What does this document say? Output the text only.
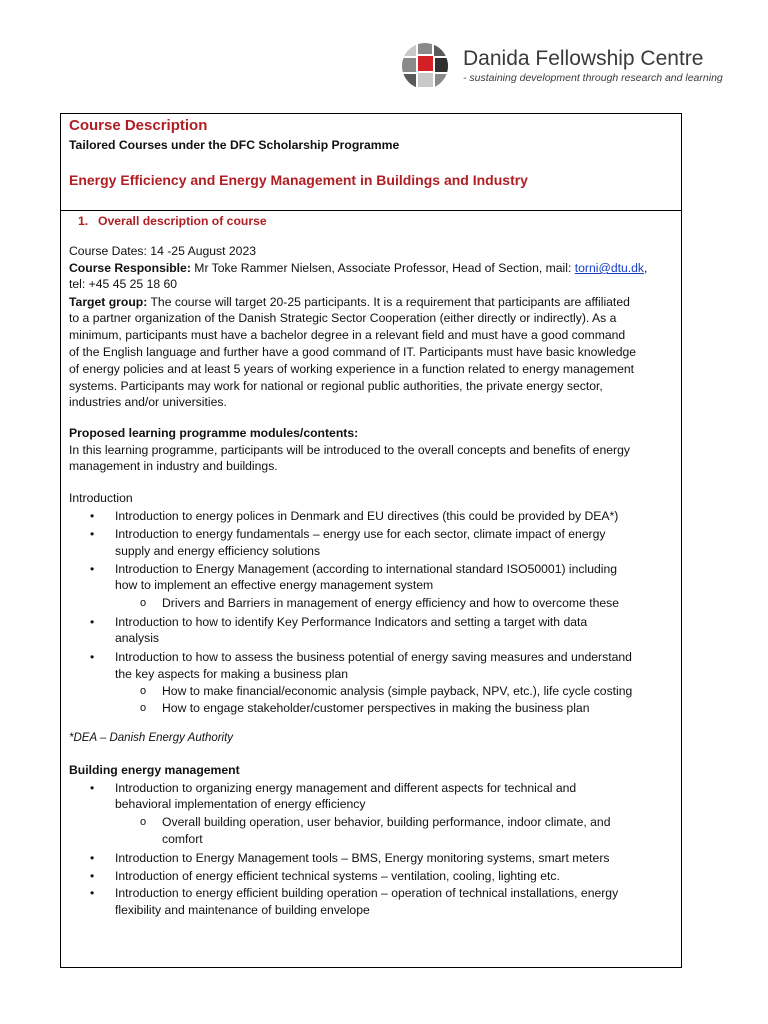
Danida Fellowship Centre
- sustaining development through research and learning
Course Description
Tailored Courses under the DFC Scholarship Programme
Energy Efficiency and Energy Management in Buildings and Industry
1. Overall description of course
Course Dates: 14 -25 August 2023
Course Responsible: Mr Toke Rammer Nielsen, Associate Professor, Head of Section, mail: torni@dtu.dk,
tel: +45 45 25 18 60
Target group: The course will target 20-25 participants. It is a requirement that participants are affiliated
to a partner organization of the Danish Strategic Sector Cooperation (either directly or indirectly). As a
minimum, participants must have a bachelor degree in a relevant field and must have a good command
of the English language and further have a good command of IT. Participants must have basic knowledge
of energy policies and at least 5 years of working experience in a function related to energy management
systems. Participants may work for national or regional public authorities, the private energy sector,
industries and/or universities.
Proposed learning programme modules/contents:
In this learning programme, participants will be introduced to the overall concepts and benefits of energy
management in industry and buildings.
Introduction
• Introduction to energy polices in Denmark and EU directives (this could be provided by DEA*)
• Introduction to energy fundamentals – energy use for each sector, climate impact of energy
supply and energy efficiency solutions
• Introduction to Energy Management (according to international standard ISO50001) including
how to implement an effective energy management system
o Drivers and Barriers in management of energy efficiency and how to overcome these
• Introduction to how to identify Key Performance Indicators and setting a target with data
analysis
• Introduction to how to assess the business potential of energy saving measures and understand
the key aspects for making a business plan
o How to make financial/economic analysis (simple payback, NPV, etc.), life cycle costing
o How to engage stakeholder/customer perspectives in making the business plan
*DEA – Danish Energy Authority
Building energy management
• Introduction to organizing energy management and different aspects for technical and
behavioral implementation of energy efficiency
o Overall building operation, user behavior, building performance, indoor climate, and
comfort
• Introduction to Energy Management tools – BMS, Energy monitoring systems, smart meters
• Introduction of energy efficient technical systems – ventilation, cooling, lighting etc.
• Introduction to energy efficient building operation – operation of technical installations, energy
flexibility and maintenance of building envelope
